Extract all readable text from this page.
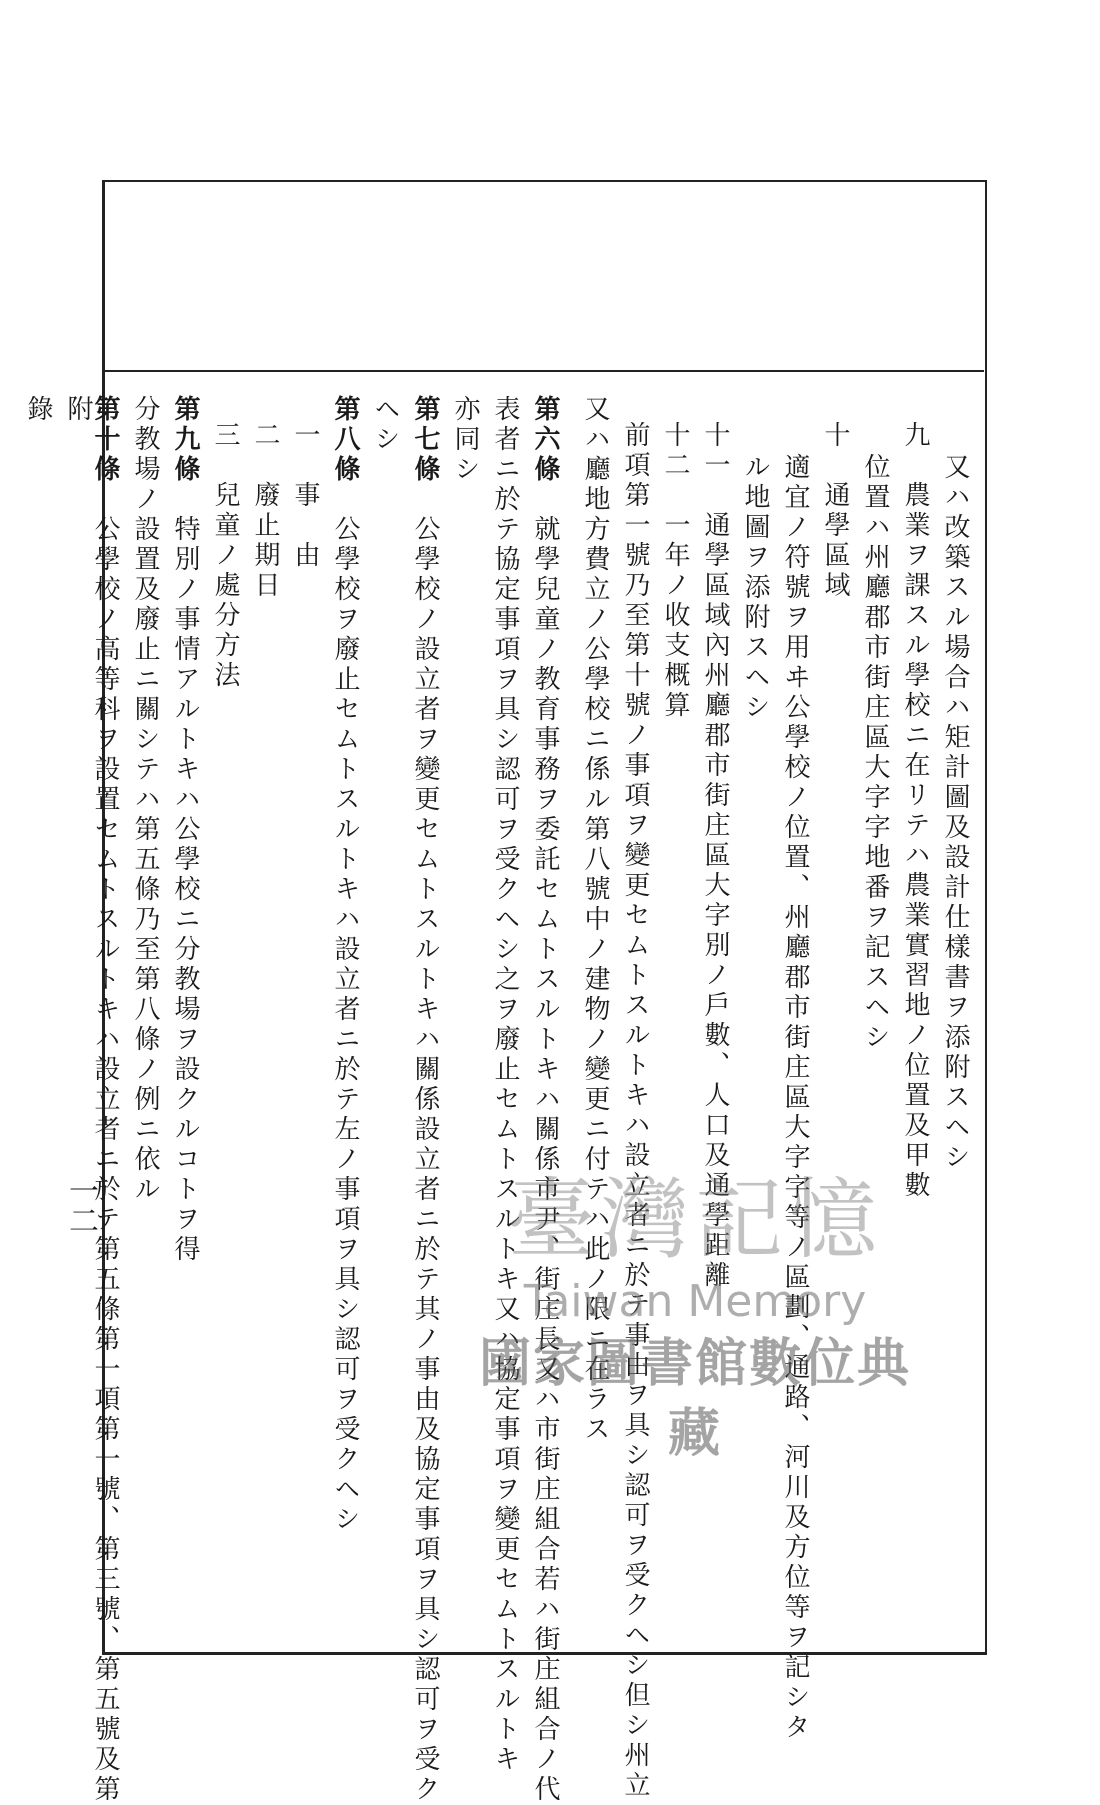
附 錄
一二
又ハ改築スル場合ハ矩計圖及設計仕樣書ヲ添附スヘシ
九　農業ヲ課スル學校ニ在リテハ農業實習地ノ位置及甲數
位置ハ州廳郡市街庄區大字字地番ヲ記スヘシ
十　通學區域
適宜ノ符號ヲ用ヰ公學校ノ位置、州廳郡市街庄區大字字等ノ區劃、通路、河川及方位等ヲ記シタ
ル地圖ヲ添附スヘシ
十一　通學區域內州廳郡市街庄區大字別ノ戶數、人口及通學距離
十二　一年ノ收支概算
前項第一號乃至第十號ノ事項ヲ變更セムトスルトキハ設立者ニ於テ事由ヲ具シ認可ヲ受クヘシ但シ州立
又ハ廳地方費立ノ公學校ニ係ル第八號中ノ建物ノ變更ニ付テハ此ノ限ニ在ラス
第六條　就學兒童ノ教育事務ヲ委託セムトスルトキハ關係市尹、街庄長又ハ市街庄組合若ハ街庄組合ノ代
表者ニ於テ協定事項ヲ具シ認可ヲ受クヘシ之ヲ廢止セムトスルトキ又ハ協定事項ヲ變更セムトスルトキ
亦同シ
第七條　公學校ノ設立者ヲ變更セムトスルトキハ關係設立者ニ於テ其ノ事由及協定事項ヲ具シ認可ヲ受ク
ヘシ
第八條　公學校ヲ廢止セムトスルトキハ設立者ニ於テ左ノ事項ヲ具シ認可ヲ受クヘシ
一　事　由
二　廢止期日
三　兒童ノ處分方法
第九條　特別ノ事情アルトキハ公學校ニ分教場ヲ設クルコトヲ得
分教場ノ設置及廢止ニ關シテハ第五條乃至第八條ノ例ニ依ル
第十條　公學校ノ高等科ヲ設置セムトスルトキハ設立者ニ於テ第五條第一項第一號、第三號、第五號及第	臺灣記憶
Taiwan Memory
國家圖書館數位典藏
